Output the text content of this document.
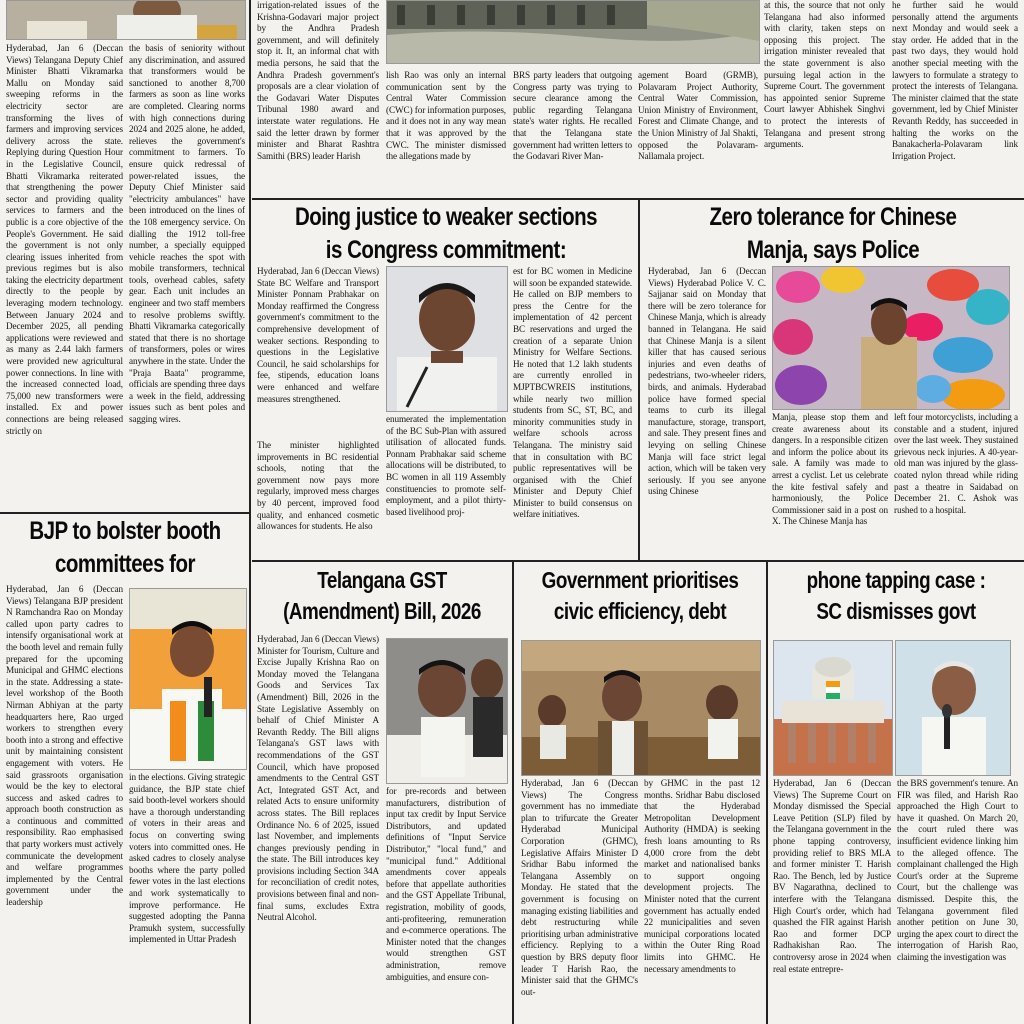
Hyderabad, Jan 6 (Deccan Views) Telangana Deputy Chief Minister Bhatti Vikramarka Mallu on Monday said sweeping reforms in the electricity sector are transforming the lives of farmers and improving services delivery across the state. Replying during Question Hour in the Legislative Council, Bhatti Vikramarka reiterated that strengthening the power sector and providing quality services to farmers and the public is a core objective of the People's Government. He said the government is not only clearing issues inherited from previous regimes but is also taking the electricity department directly to the people by leveraging modern technology. Between January 2024 and December 2025, all pending applications were reviewed and as many as 2.44 lakh farmers were provided new agricultural power connections. In line with the increased connected load, 75,000 new transformers were installed. Ex and power connections are being released strictly on
the basis of seniority without any discrimination, and assured that transformers would be sanctioned to another 8,700 farmers as soon as line works are completed. Clearing norms with high connections during 2024 and 2025 alone, he added, relieves the government's commitment to farmers. To ensure quick redressal of power-related issues, the Deputy Chief Minister said "electricity ambulances" have been introduced on the lines of the 108 emergency service. On dialling the 1912 toll-free number, a specially equipped vehicle reaches the spot with mobile transformers, technical tools, overhead cables, safety gear. Each unit includes an engineer and two staff members to resolve problems swiftly. Bhatti Vikramarka categorically stated that there is no shortage of transformers, poles or wires anywhere in the state. Under the "Praja Baata" programme, officials are spending three days a week in the field, addressing issues such as bent poles and sagging wires.
irrigation-related issues of the Krishna-Godavari major project by the Andhra Pradesh government, and will definitely stop it. It, an informal chat with media persons, he said that the Andhra Pradesh government's proposals are a clear violation of the Godavari Water Disputes Tribunal 1980 award and interstate water regulations. He said the letter drawn by former minister and Bharat Rashtra Samithi (BRS) leader Harish
lish Rao was only an internal communication sent by the Central Water Commission (CWC) for information purposes, and it does not in any way mean that it was approved by the CWC. The minister dismissed the allegations made by
BRS party leaders that outgoing Congress party was trying to secure clearance among the public regarding Telangana state's water rights. He recalled that the Telangana state government had written letters to the Godavari River Man-
agement Board (GRMB), Polavaram Project Authority, Central Water Commission, Union Ministry of Environment, Forest and Climate Change, and the Union Ministry of Jal Shakti, opposed the Polavaram-Nallamala project.
at this, the source that not only Telangana had also informed with clarity, taken steps on opposing this project. The irrigation minister revealed that the state government is also pursuing legal action in the Supreme Court. The government has appointed senior Supreme Court lawyer Abhishek Singhvi to protect the interests of Telangana and present strong arguments.
he further said he would personally attend the arguments next Monday and would seek a stay order. He added that in the past two days, they would hold another special meeting with the lawyers to formulate a strategy to protect the interests of Telangana. The minister claimed that the state government, led by Chief Minister Revanth Reddy, has succeeded in halting the works on the Banakacherla-Polavaram link Irrigation Project.
Doing justice to weaker sections is Congress commitment:
Hyderabad, Jan 6 (Deccan Views) State BC Welfare and Transport Minister Ponnam Prabhakar on Monday reaffirmed the Congress government's commitment to the comprehensive development of weaker sections. Responding to questions in the Legislative Council, he said scholarships for fee, stipends, education loans were enhanced and welfare measures strengthened.
est for BC women in Medicine will soon be expanded statewide. He called on BJP members to press the Centre for the implementation of 42 percent BC reservations and urged the creation of a separate Union Ministry for Welfare Sections. He noted that 1.2 lakh students are currently enrolled in MJPTBCWREIS institutions, while nearly two million students from SC, ST, BC, and minority communities study in welfare schools across Telangana. The ministry said that in consultation with BC public representatives will be organised with the Chief Minister and Deputy Chief Minister to build consensus on welfare initiatives.
The minister highlighted improvements in BC residential schools, noting that the government now pays more regularly, improved mess charges by 40 percent, improved food quality, and enhanced cosmetic allowances for students. He also
enumerated the implementation of the BC Sub-Plan with assured utilisation of allocated funds. Ponnam Prabhakar said scheme allocations will be distributed, to BC women in all 119 Assembly constituencies to promote self-employment, and a pilot thirty-based livelihood proj-
Zero tolerance for Chinese Manja, says Police
Hyderabad, Jan 6 (Deccan Views) Hyderabad Police V. C. Sajjanar said on Monday that there will be zero tolerance for Chinese Manja, which is already banned in Telangana. He said that Chinese Manja is a silent killer that has caused serious injuries and even deaths of pedestrians, two-wheeler riders, birds, and animals. Hyderabad police have formed special teams to curb its illegal manufacture, storage, transport, and sale. They present fines and levying on selling Chinese Manja will face strict legal action, which will be taken very seriously. If you see anyone using Chinese
Manja, please stop them and create awareness about its dangers. In a responsible citizen and inform the police about its sale. A family was made to arrest a cyclist. Let us celebrate the kite festival safely and harmoniously, the Police Commissioner said in a post on X. The Chinese Manja has
left four motorcyclists, including a constable and a student, injured over the last week. They sustained grievous neck injuries. A 40-year-old man was injured by the glass-coated nylon thread while riding past a theatre in Saidabad on December 21. C. Ashok was rushed to a hospital.
BJP to bolster booth committees for
Hyderabad, Jan 6 (Deccan Views) Telangana BJP president N Ramchandra Rao on Monday called upon party cadres to intensify organisational work at the booth level and remain fully prepared for the upcoming Municipal and GHMC elections in the state. Addressing a state-level workshop of the Booth Nirman Abhiyan at the party headquarters here, Rao urged workers to strengthen every booth into a strong and effective unit by maintaining consistent engagement with voters. He said grassroots organisation would be the key to electoral success and asked cadres to approach booth construction as a continuous and committed responsibility. Rao emphasised that party workers must actively communicate the development and welfare programmes implemented by the Central government under the leadership
in the elections. Giving strategic guidance, the BJP state chief said booth-level workers should have a thorough understanding of voters in their areas and focus on converting swing voters into committed ones. He asked cadres to closely analyse booths where the party polled fewer votes in the last elections and work systematically to improve performance. He suggested adopting the Panna Pramukh system, successfully implemented in Uttar Pradesh
Telangana GST (Amendment) Bill, 2026
Hyderabad, Jan 6 (Deccan Views) Minister for Tourism, Culture and Excise Jupally Krishna Rao on Monday moved the Telangana Goods and Services Tax (Amendment) Bill, 2026 in the State Legislative Assembly on behalf of Chief Minister A Revanth Reddy. The Bill aligns Telangana's GST laws with recommendations of the GST Council, which have proposed amendments to the Central GST Act, Integrated GST Act, and related Acts to ensure uniformity across states. The Bill replaces Ordinance No. 6 of 2025, issued last November, and implements changes previously pending in the state. The Bill introduces key provisions including Section 34A for reconciliation of credit notes, provisions between final and non-final sums, excludes Extra Neutral Alcohol.
for pre-records and between manufacturers, distribution of input tax credit by Input Service Distributors, and updated definitions of "Input Service Distributor," "local fund," and "municipal fund." Additional amendments cover appeals before that appellate authorities and the GST Appellate Tribunal, registration, mobility of goods, anti-profiteering, remuneration and e-commerce operations. The Minister noted that the changes would strengthen GST administration, remove ambiguities, and ensure con-
Government prioritises civic efficiency, debt
Hyderabad, Jan 6 (Deccan Views) The Congress government has no immediate plan to trifurcate the Greater Hyderabad Municipal Corporation (GHMC), Legislative Affairs Minister D Sridhar Babu informed the Telangana Assembly on Monday. He stated that the government is focusing on managing existing liabilities and debt restructuring while prioritising urban administrative efficiency. Replying to a question by BRS deputy floor leader T Harish Rao, the Minister said that the GHMC's out-
by GHMC in the past 12 months. Sridhar Babu disclosed that the Hyderabad Metropolitan Development Authority (HMDA) is seeking fresh loans amounting to Rs 4,000 crore from the debt market and nationalised banks to support ongoing development projects. The Minister noted that the current government has actually ended 22 municipalities and seven municipal corporations located within the Outer Ring Road limits into GHMC. He necessary amendments to
phone tapping case : SC dismisses govt
Hyderabad, Jan 6 (Deccan Views) The Supreme Court on Monday dismissed the Special Leave Petition (SLP) filed by the Telangana government in the phone tapping controversy, providing relief to BRS MLA and former minister T. Harish Rao. The Bench, led by Justice BV Nagarathna, declined to interfere with the Telangana High Court's order, which had quashed the FIR against Harish Rao and former DCP Radhakishan Rao. The controversy arose in 2024 when real estate entrepre-
the BRS government's tenure. An FIR was filed, and Harish Rao approached the High Court to have it quashed. On March 20, the court ruled there was insufficient evidence linking him to the alleged offence. The complainant challenged the High Court's order at the Supreme Court, but the challenge was dismissed. Despite this, the Telangana government filed another petition on June 30, urging the apex court to direct the interrogation of Harish Rao, claiming the investigation was
